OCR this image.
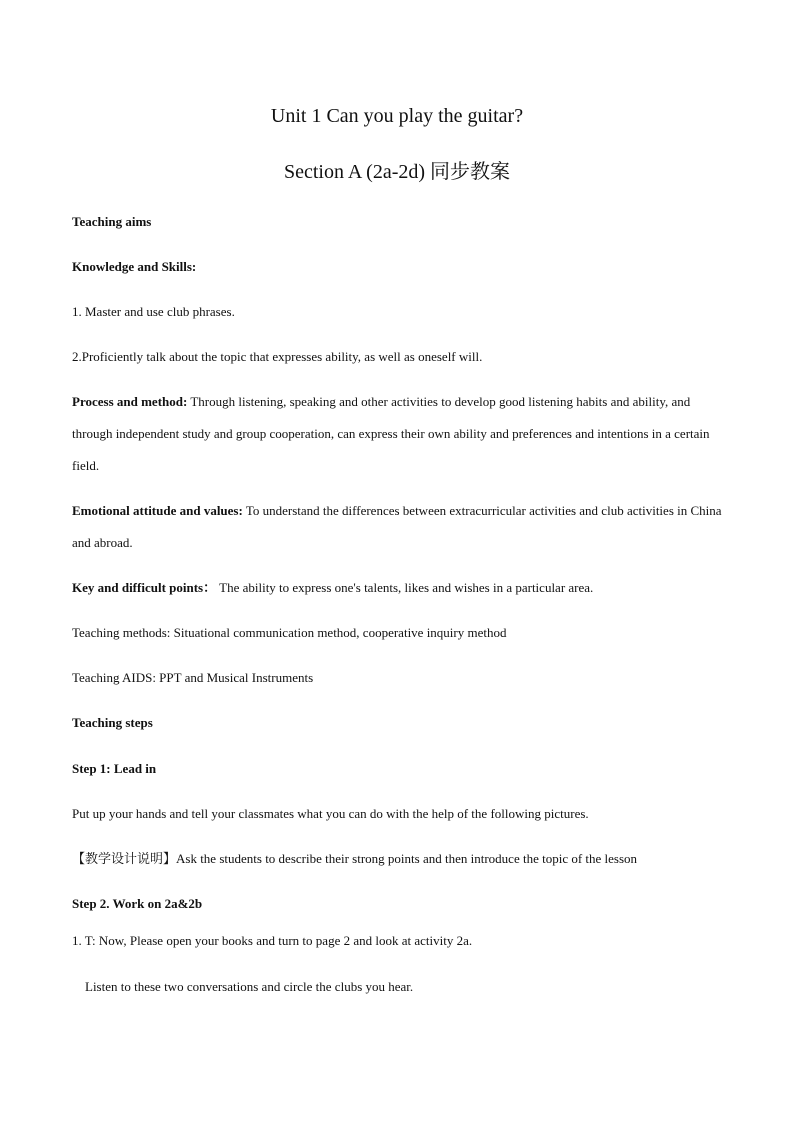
Unit 1 Can you play the guitar?
Section A (2a-2d) 同步教案
Teaching aims
Knowledge and Skills:
1. Master and use club phrases.
2.Proficiently talk about the topic that expresses ability, as well as oneself will.
Process and method: Through listening, speaking and other activities to develop good listening habits and ability, and through independent study and group cooperation, can express their own ability and preferences and intentions in a certain field.
Emotional attitude and values: To understand the differences between extracurricular activities and club activities in China and abroad.
Key and difficult points： The ability to express one's talents, likes and wishes in a particular area.
Teaching methods: Situational communication method, cooperative inquiry method
Teaching AIDS: PPT and Musical Instruments
Teaching steps
Step 1: Lead in
Put up your hands and tell your classmates what you can do with the help of the following pictures.
【教学设计说明】Ask the students to describe their strong points and then introduce the topic of the lesson
Step 2. Work on 2a&2b
1. T: Now, Please open your books and turn to page 2 and look at activity 2a.
Listen to these two conversations and circle the clubs you hear.
